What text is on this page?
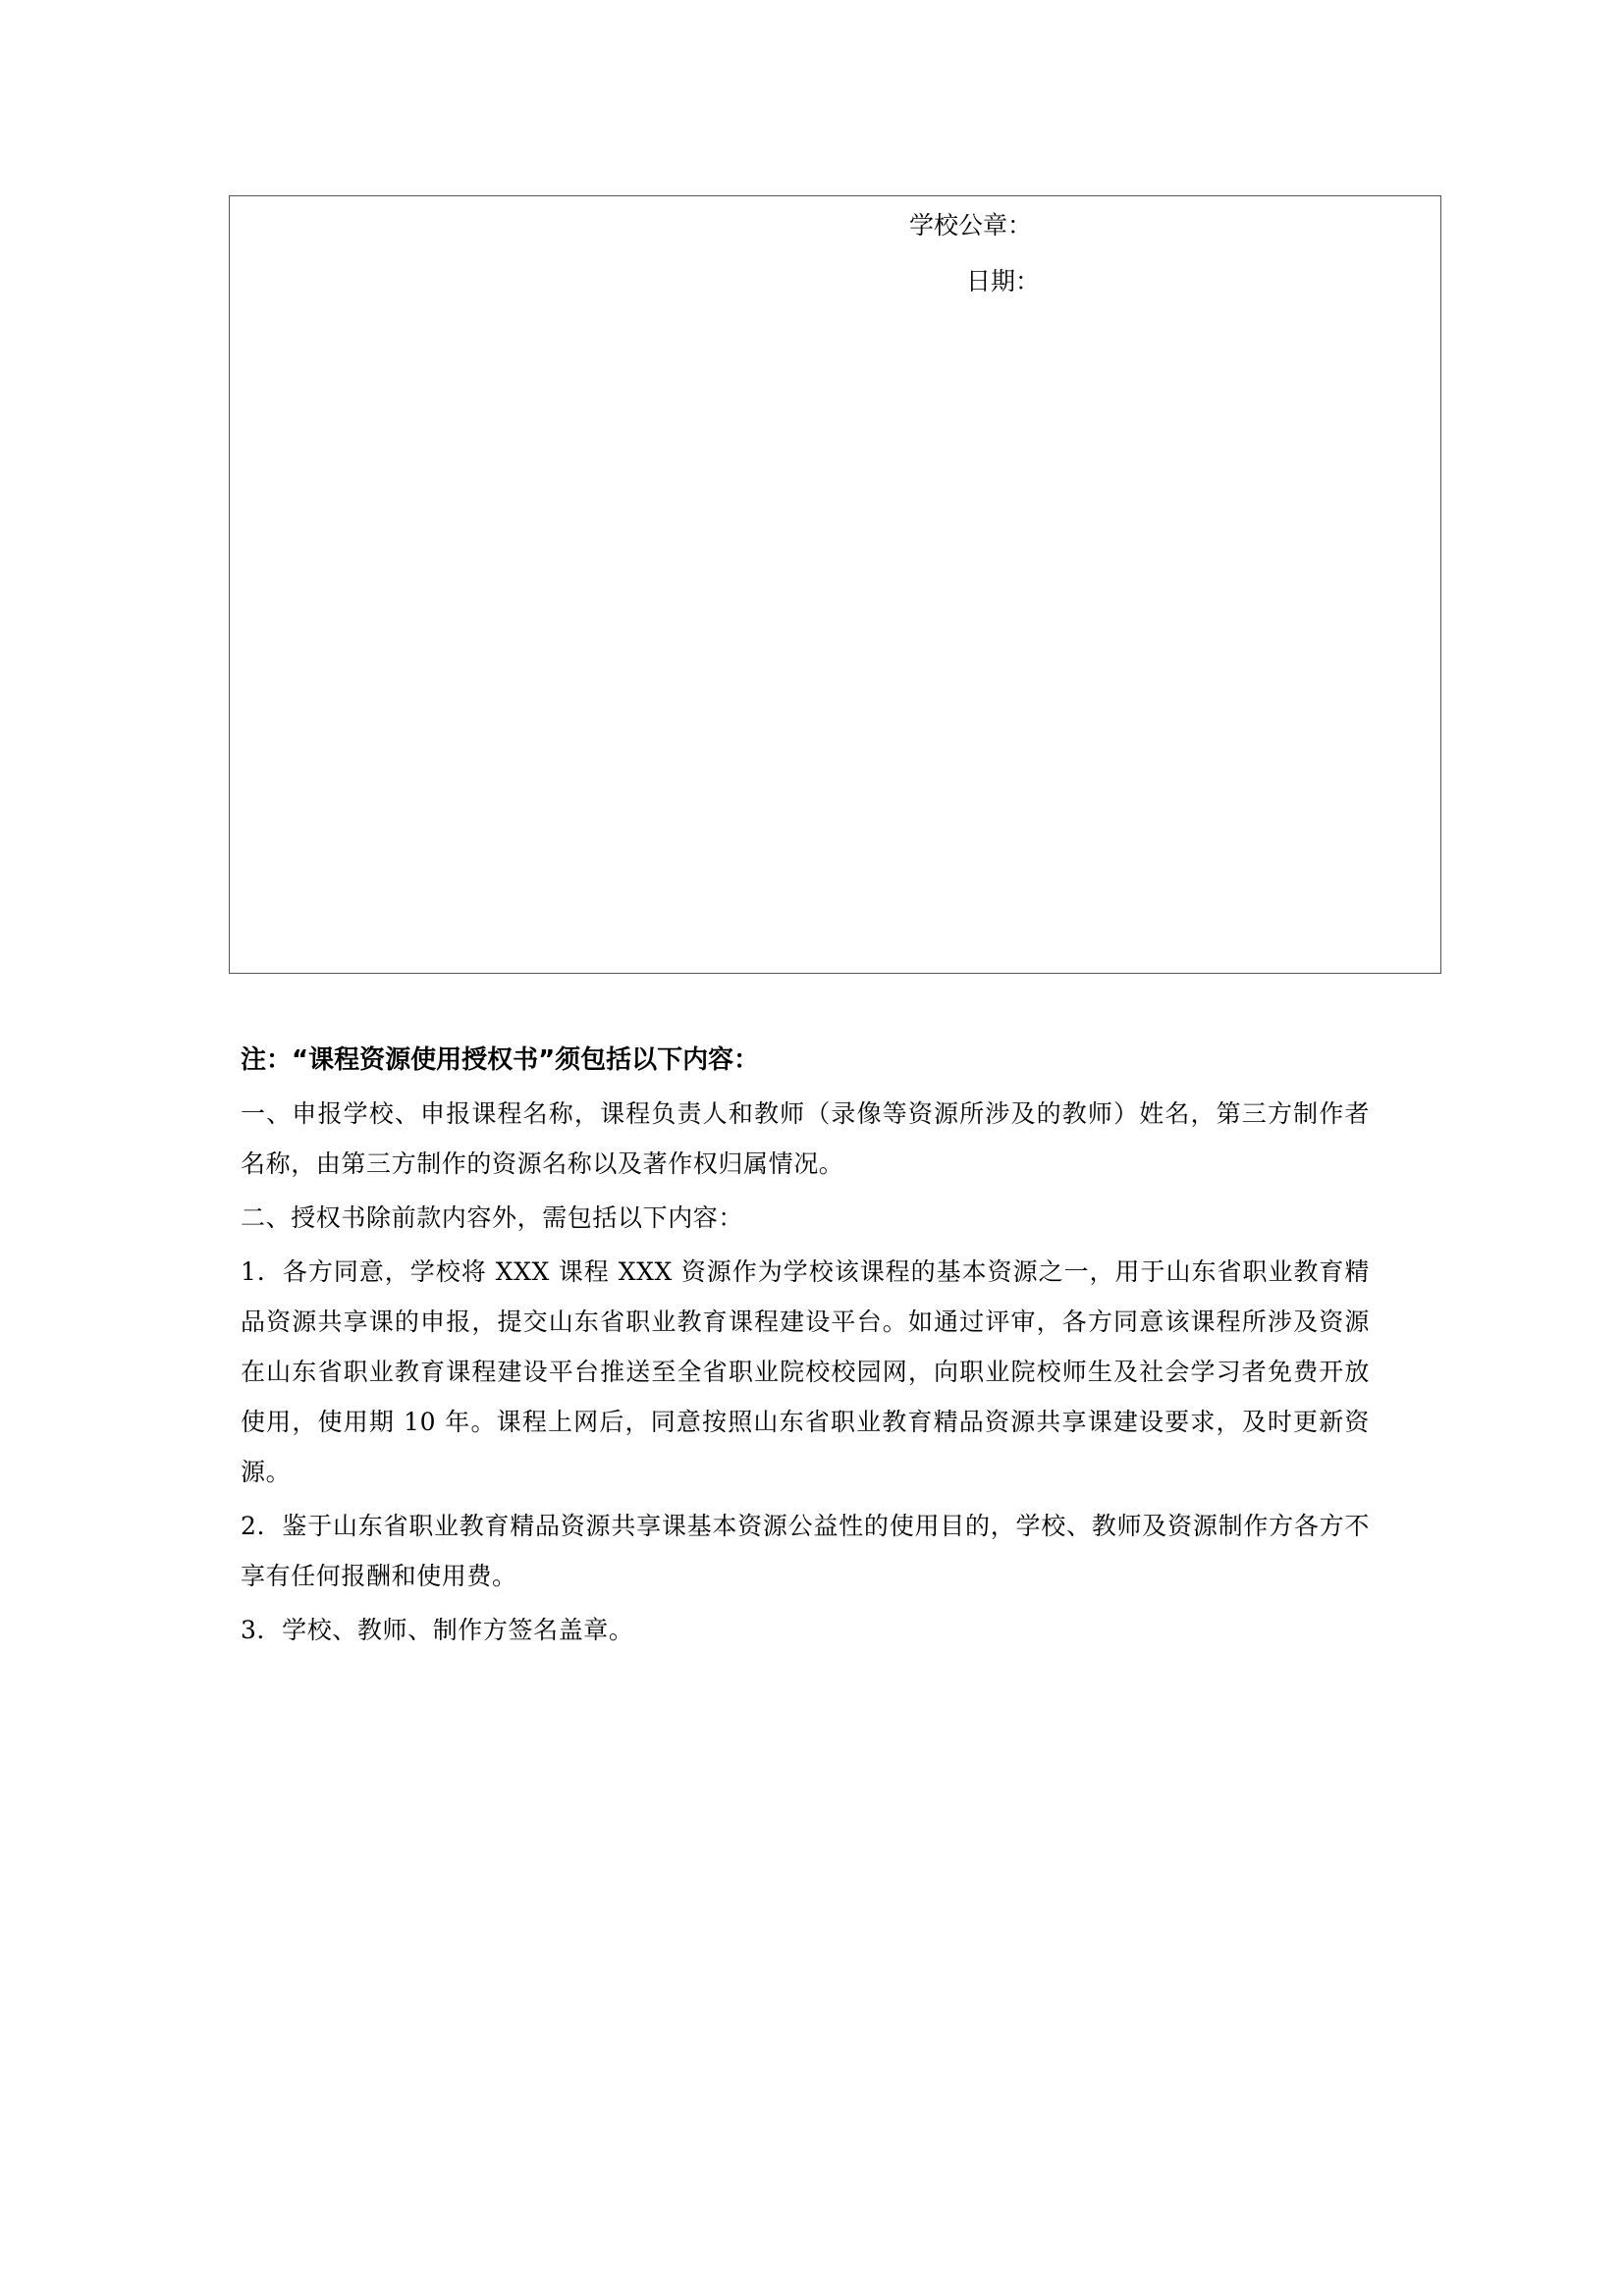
学校公章：
日期：
注：“课程资源使用授权书”须包括以下内容：

一、申报学校、申报课程名称，课程负责人和教师（录像等资源所涉及的教师）姓名，第三方制作者名称，由第三方制作的资源名称以及著作权归属情况。

二、授权书除前款内容外，需包括以下内容：

1．各方同意，学校将 XXX 课程 XXX 资源作为学校该课程的基本资源之一，用于山东省职业教育精品资源共享课的申报，提交山东省职业教育课程建设平台。如通过评审，各方同意该课程所涉及资源在山东省职业教育课程建设平台推送至全省职业院校校园网，向职业院校师生及社会学习者免费开放使用，使用期 10 年。课程上网后，同意按照山东省职业教育精品资源共享课建设要求，及时更新资源。

2．鉴于山东省职业教育精品资源共享课基本资源公益性的使用目的，学校、教师及资源制作方各方不享有任何报酬和使用费。

3．学校、教师、制作方签名盖章。
